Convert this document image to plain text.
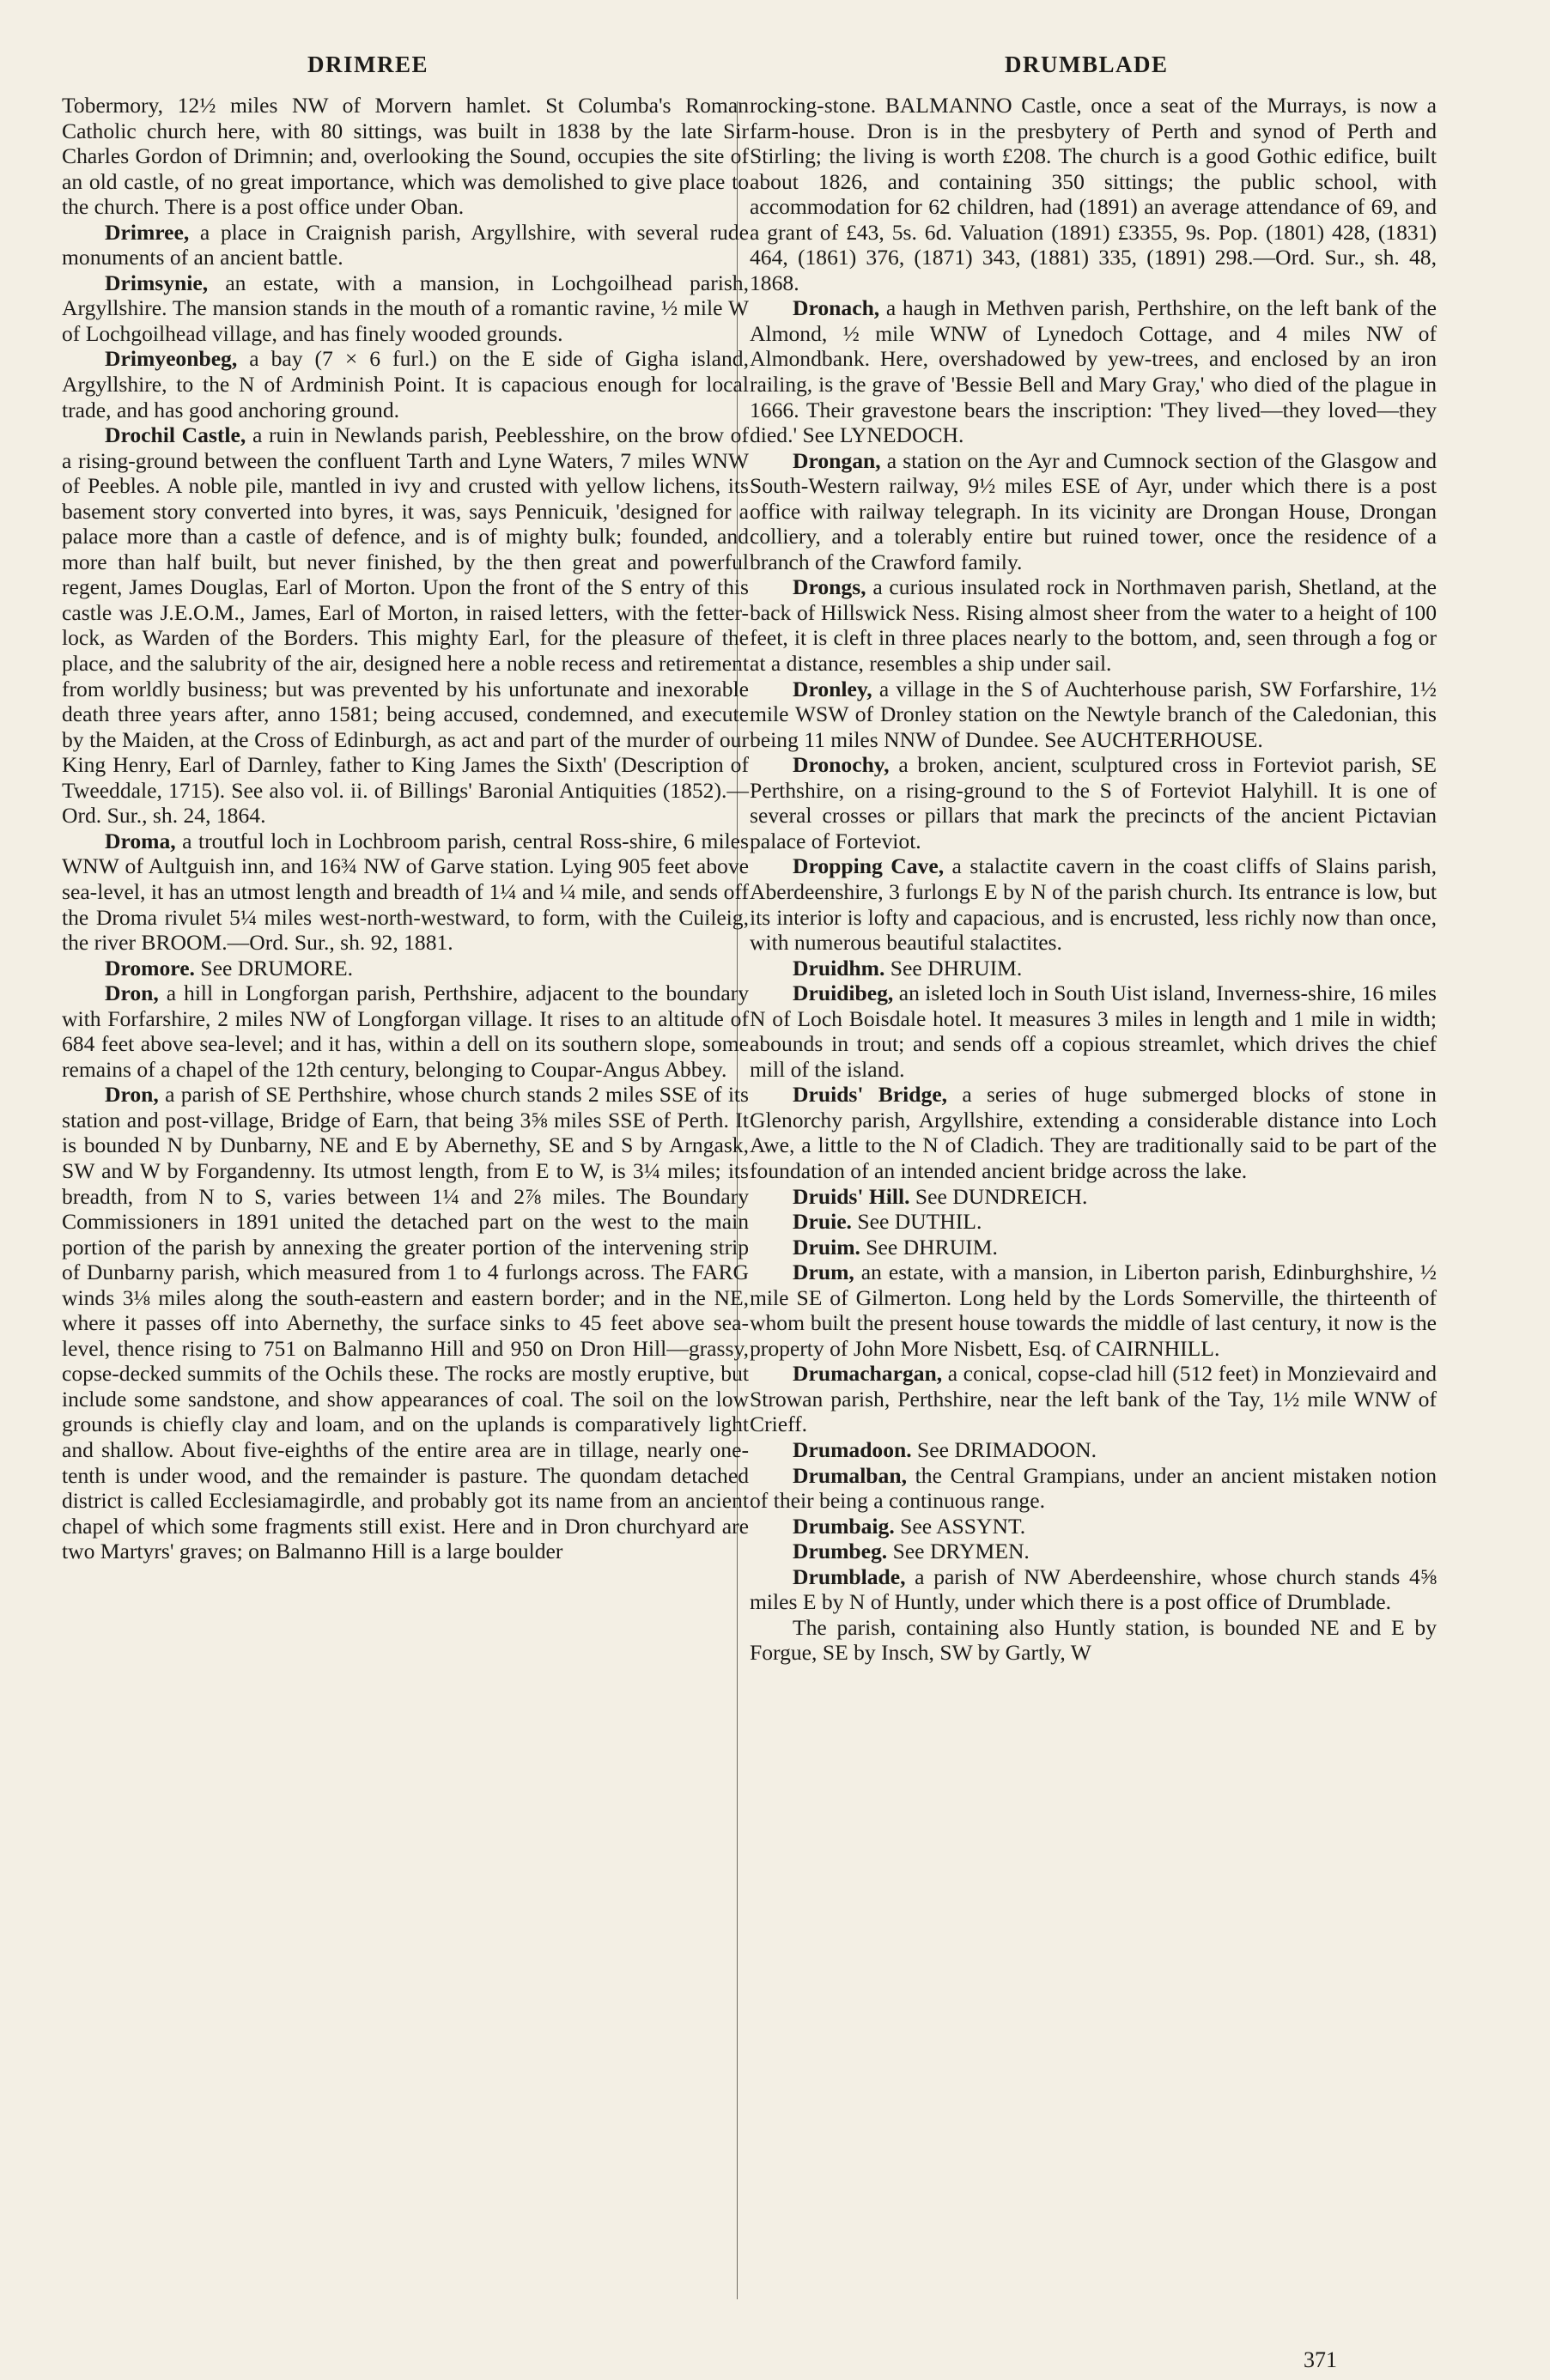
DRIMREE	DRUMBLADE

Tobermory, 12½ miles NW of Morvern hamlet. St Columba's Roman Catholic church here, with 80 sittings, was built in 1838 by the late Sir Charles Gordon of Drimnin; and, overlooking the Sound, occupies the site of an old castle, of no great importance, which was demolished to give place to the church. There is a post office under Oban.

Drimree, a place in Craignish parish, Argyllshire, with several rude monuments of an ancient battle.

Drimsynie, an estate, with a mansion, in Lochgoilhead parish, Argyllshire. The mansion stands in the mouth of a romantic ravine, ½ mile W of Lochgoilhead village, and has finely wooded grounds.

Drimyeonbeg, a bay (7 × 6 furl.) on the E side of Gigha island, Argyllshire, to the N of Ardminish Point. It is capacious enough for local trade, and has good anchoring ground.

Drochil Castle, a ruin in Newlands parish, Peeblesshire, on the brow of a rising-ground between the confluent Tarth and Lyne Waters, 7 miles WNW of Peebles. A noble pile, mantled in ivy and crusted with yellow lichens, its basement story converted into byres, it was, says Pennicuik, 'designed for a palace more than a castle of defence, and is of mighty bulk; founded, and more than half built, but never finished, by the then great and powerful regent, James Douglas, Earl of Morton. Upon the front of the S entry of this castle was J.E.O.M., James, Earl of Morton, in raised letters, with the fetter-lock, as Warden of the Borders. This mighty Earl, for the pleasure of the place, and the salubrity of the air, designed here a noble recess and retirement from worldly business; but was prevented by his unfortunate and inexorable death three years after, anno 1581; being accused, condemned, and execute by the Maiden, at the Cross of Edinburgh, as act and part of the murder of our King Henry, Earl of Darnley, father to King James the Sixth' (Description of Tweeddale, 1715). See also vol. ii. of Billings' Baronial Antiquities (1852).—Ord. Sur., sh. 24, 1864.

Droma, a troutful loch in Lochbroom parish, central Ross-shire, 6 miles WNW of Aultguish inn, and 16¾ NW of Garve station. Lying 905 feet above sea-level, it has an utmost length and breadth of 1¼ and ¼ mile, and sends off the Droma rivulet 5¼ miles west-north-westward, to form, with the Cuileig, the river BROOM.—Ord. Sur., sh. 92, 1881.

Dromore. See DRUMORE.

Dron, a hill in Longforgan parish, Perthshire, adjacent to the boundary with Forfarshire, 2 miles NW of Longforgan village. It rises to an altitude of 684 feet above sea-level; and it has, within a dell on its southern slope, some remains of a chapel of the 12th century, belonging to Coupar-Angus Abbey.

Dron, a parish of SE Perthshire, whose church stands 2 miles SSE of its station and post-village, Bridge of Earn, that being 3⅝ miles SSE of Perth. It is bounded N by Dunbarny, NE and E by Abernethy, SE and S by Arngask, SW and W by Forgandenny. Its utmost length, from E to W, is 3¼ miles; its breadth, from N to S, varies between 1¼ and 2⅞ miles. The Boundary Commissioners in 1891 united the detached part on the west to the main portion of the parish by annexing the greater portion of the intervening strip of Dunbarny parish, which measured from 1 to 4 furlongs across. The FARG winds 3⅛ miles along the south-eastern and eastern border; and in the NE, where it passes off into Abernethy, the surface sinks to 45 feet above sea-level, thence rising to 751 on Balmanno Hill and 950 on Dron Hill—grassy, copse-decked summits of the Ochils these. The rocks are mostly eruptive, but include some sandstone, and show appearances of coal. The soil on the low grounds is chiefly clay and loam, and on the uplands is comparatively light and shallow. About five-eighths of the entire area are in tillage, nearly one-tenth is under wood, and the remainder is pasture. The quondam detached district is called Ecclesiamagirdle, and probably got its name from an ancient chapel of which some fragments still exist. Here and in Dron churchyard are two Martyrs' graves; on Balmanno Hill is a large boulder

rocking-stone. BALMANNO Castle, once a seat of the Murrays, is now a farm-house. Dron is in the presbytery of Perth and synod of Perth and Stirling; the living is worth £208. The church is a good Gothic edifice, built about 1826, and containing 350 sittings; the public school, with accommodation for 62 children, had (1891) an average attendance of 69, and a grant of £43, 5s. 6d. Valuation (1891) £3355, 9s. Pop. (1801) 428, (1831) 464, (1861) 376, (1871) 343, (1881) 335, (1891) 298.—Ord. Sur., sh. 48, 1868.

Dronach, a haugh in Methven parish, Perthshire, on the left bank of the Almond, ½ mile WNW of Lynedoch Cottage, and 4 miles NW of Almondbank. Here, overshadowed by yew-trees, and enclosed by an iron railing, is the grave of 'Bessie Bell and Mary Gray,' who died of the plague in 1666. Their gravestone bears the inscription: 'They lived—they loved—they died.' See LYNEDOCH.

Drongan, a station on the Ayr and Cumnock section of the Glasgow and South-Western railway, 9½ miles ESE of Ayr, under which there is a post office with railway telegraph. In its vicinity are Drongan House, Drongan colliery, and a tolerably entire but ruined tower, once the residence of a branch of the Crawford family.

Drongs, a curious insulated rock in Northmaven parish, Shetland, at the back of Hillswick Ness. Rising almost sheer from the water to a height of 100 feet, it is cleft in three places nearly to the bottom, and, seen through a fog or at a distance, resembles a ship under sail.

Dronley, a village in the S of Auchterhouse parish, SW Forfarshire, 1½ mile WSW of Dronley station on the Newtyle branch of the Caledonian, this being 11 miles NNW of Dundee. See AUCHTERHOUSE.

Dronochy, a broken, ancient, sculptured cross in Forteviot parish, SE Perthshire, on a rising-ground to the S of Forteviot Halyhill. It is one of several crosses or pillars that mark the precincts of the ancient Pictavian palace of Forteviot.

Dropping Cave, a stalactite cavern in the coast cliffs of Slains parish, Aberdeenshire, 3 furlongs E by N of the parish church. Its entrance is low, but its interior is lofty and capacious, and is encrusted, less richly now than once, with numerous beautiful stalactites.

Druidhm. See DHRUIM.

Druidibeg, an isleted loch in South Uist island, Inverness-shire, 16 miles N of Loch Boisdale hotel. It measures 3 miles in length and 1 mile in width; abounds in trout; and sends off a copious streamlet, which drives the chief mill of the island.

Druids' Bridge, a series of huge submerged blocks of stone in Glenorchy parish, Argyllshire, extending a considerable distance into Loch Awe, a little to the N of Cladich. They are traditionally said to be part of the foundation of an intended ancient bridge across the lake.

Druids' Hill. See DUNDREICH.

Druie. See DUTHIL.

Druim. See DHRUIM.

Drum, an estate, with a mansion, in Liberton parish, Edinburghshire, ½ mile SE of Gilmerton. Long held by the Lords Somerville, the thirteenth of whom built the present house towards the middle of last century, it now is the property of John More Nisbett, Esq. of CAIRNHILL.

Drumachargan, a conical, copse-clad hill (512 feet) in Monzievaird and Strowan parish, Perthshire, near the left bank of the Tay, 1½ mile WNW of Crieff.

Drumadoon. See DRIMADOON.

Drumalban, the Central Grampians, under an ancient mistaken notion of their being a continuous range.

Drumbaig. See ASSYNT.

Drumbeg. See DRYMEN.

Drumblade, a parish of NW Aberdeenshire, whose church stands 4⅝ miles E by N of Huntly, under which there is a post office of Drumblade.

The parish, containing also Huntly station, is bounded NE and E by Forgue, SE by Insch, SW by Gartly, W

371
